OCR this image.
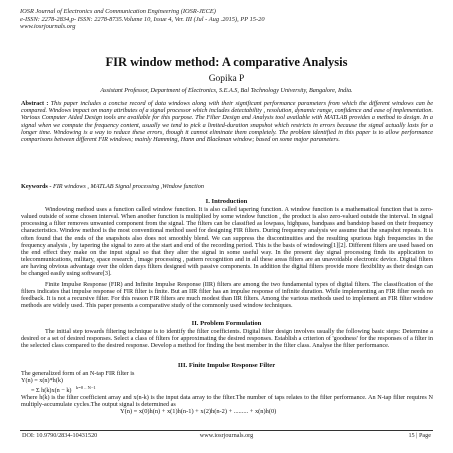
IOSR Journal of Electronics and Communication Engineering (IOSR-JECE)
e-ISSN: 2278-2834,p- ISSN: 2278-8735.Volume 10, Issue 4, Ver. III (Jul - Aug .2015), PP 15-20
www.iosrjournals.org
FIR window method: A comparative Analysis
Gopika P
Assistant Professor, Department of Electronics, S.E.A.S, Bal Technology University, Bangalore, India.
Abstract : This paper includes a concise record of data windows along with their significant performance parameters from which the different windows can be compared. Windows impact on many attributes of a signal processor which includes detectability , resolution, dynamic range, confidence and ease of implementation. Various Computer Aided Design tools are available for this purpose. The Filter Design and Analysis tool available with MATLAB provides a method to design. In a signal when we compute the frequency content, usually we tend to pick a limited-duration snapshot which restricts in errors because the signal actually lasts for a longer time. Windowing is a way to reduce these errors, though it cannot eliminate them completely. The problem identified in this paper is to allow performance comparisons between different FIR windows; mainly Hamming, Hann and Blackman window; based on some major parameters.
Keywords - FIR windows , MATLAB Signal processing ,Window function
I. Introduction
Windowing method uses a function called window function. It is also called tapering function. A window function is a mathematical function that is zero-valued outside of some chosen interval. When another function is multiplied by some window function , the product is also zero-valued outside the interval. In signal processing a filter removes unwanted component from the signal. The filters can be classified as lowpass, highpass, bandpass and bandstop based on their frequency characteristics. Window method is the most conventional method used for designing FIR filters. During frequency analysis we assume that the snapshot repeats. It is often found that the ends of the snapshots also does not smoothly blend. We can suppress the discontinuities and the resulting spurious high frequencies in the frequency analysis , by tapering the signal to zero at the start and end of the recording period. This is the basis of windowing[1][2]. Different filters are used based on the end effect they make on the input signal so that they alter the signal in some useful way. In the present day signal processing finds its application to telecommunications, military, space research , image processing , pattern recognition and in all these areas filters are an unavoidable electronic device. Digital filters are having obvious advantage over the olden days filters designed with passive components. In addition the digital filters provide more flexibility as their design can be changed easily using software[3].
Finite Impulse Response (FIR) and Infinite Impulse Response (IIR) filters are among the two fundamental types of digital filters. The classification of the filters indicates that impulse response of FIR filter is finite. But an IIR filter has an impulse response of infinite duration. While implementing an FIR filter needs no feedback. It is not a recursive filter. For this reason FIR filters are much modest than IIR filters. Among the various methods used to implement an FIR filter window methods are widely used. This paper presents a comparative study of the commonly used window techniques.
II. Problem Formulation
The initial step towards filtering technique is to identify the filter coefficients. Digital filter design involves usually the following basic steps: Determine a desired or a set of desired responses. Select a class of filters for approximating the desired responses. Establish a criterion of 'goodness' for the responses of a filter in the selected class compared to the desired response. Develop a method for finding the best member in the filter class. Analyse the filter performance.
III. Finite Impulse Response Filter
The generalized form of an N-tap FIR filter is
Y(n) = x(n)*h(k)
= Σ h(k)x(n − k) $^{k=0 .. N-1}$
Where h(k) is the filter coefficient array and x(n-k) is the input data array to the filter.The number of taps relates to the filter performance. An N-tap filter requires N multiply-accumulate cycles.The output signal is determined as
Y(n) = x(0)h(n) + x(1)h(n-1) + x(2)h(n-2) + ......... + x(n)h(0)
DOI: 10.9790/2834-10431520	www.iosrjournals.org	15 | Page
